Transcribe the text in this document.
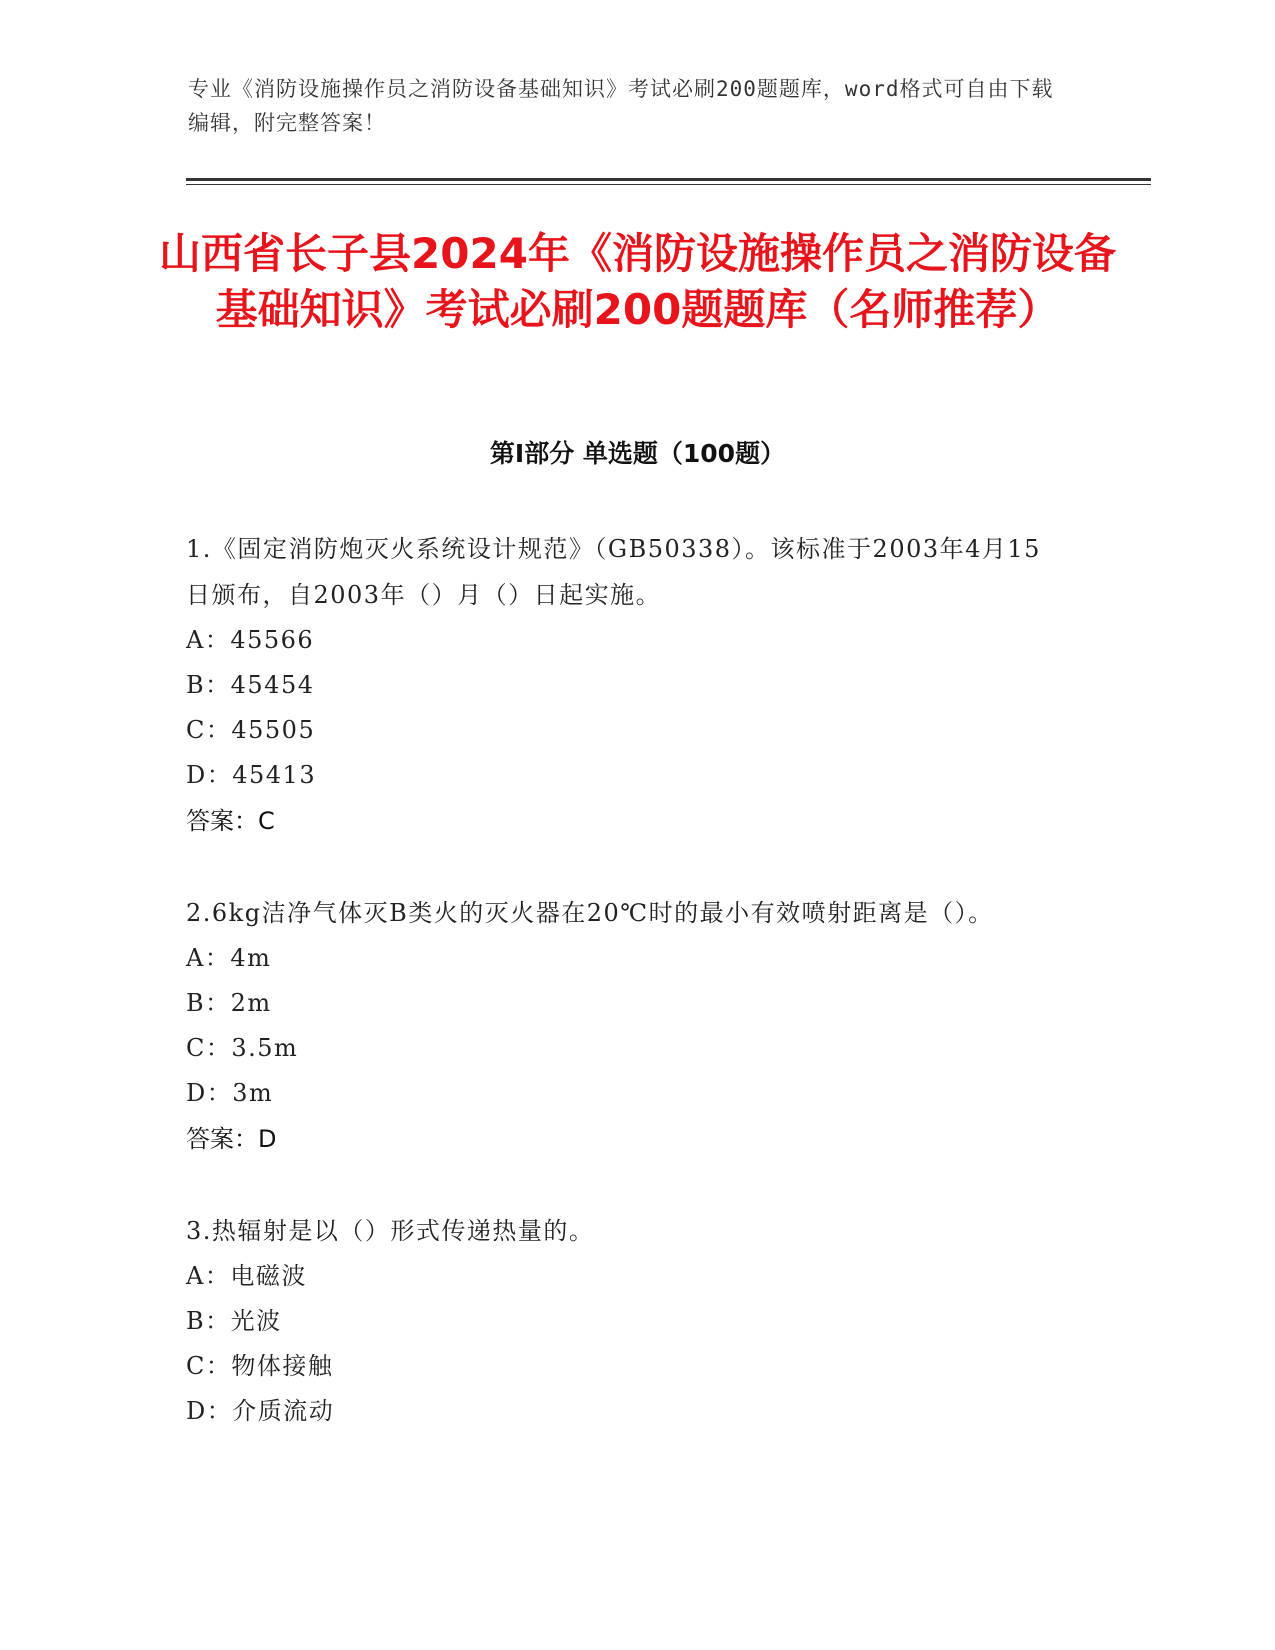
专业《消防设施操作员之消防设备基础知识》考试必刷200题题库，word格式可自由下载编辑，附完整答案！
山西省长子县2024年《消防设施操作员之消防设备基础知识》考试必刷200题题库（名师推荐）
第Ⅰ部分 单选题（100题）
1.《固定消防炮灭火系统设计规范》（GB50338）。该标准于2003年4月15日颁布，自2003年（）月（）日起实施。
A：45566
B：45454
C：45505
D：45413
答案：C
2.6kg洁净气体灭B类火的灭火器在20℃时的最小有效喷射距离是（）。
A：4m
B：2m
C：3.5m
D：3m
答案：D
3.热辐射是以（）形式传递热量的。
A：电磁波
B：光波
C：物体接触
D：介质流动
